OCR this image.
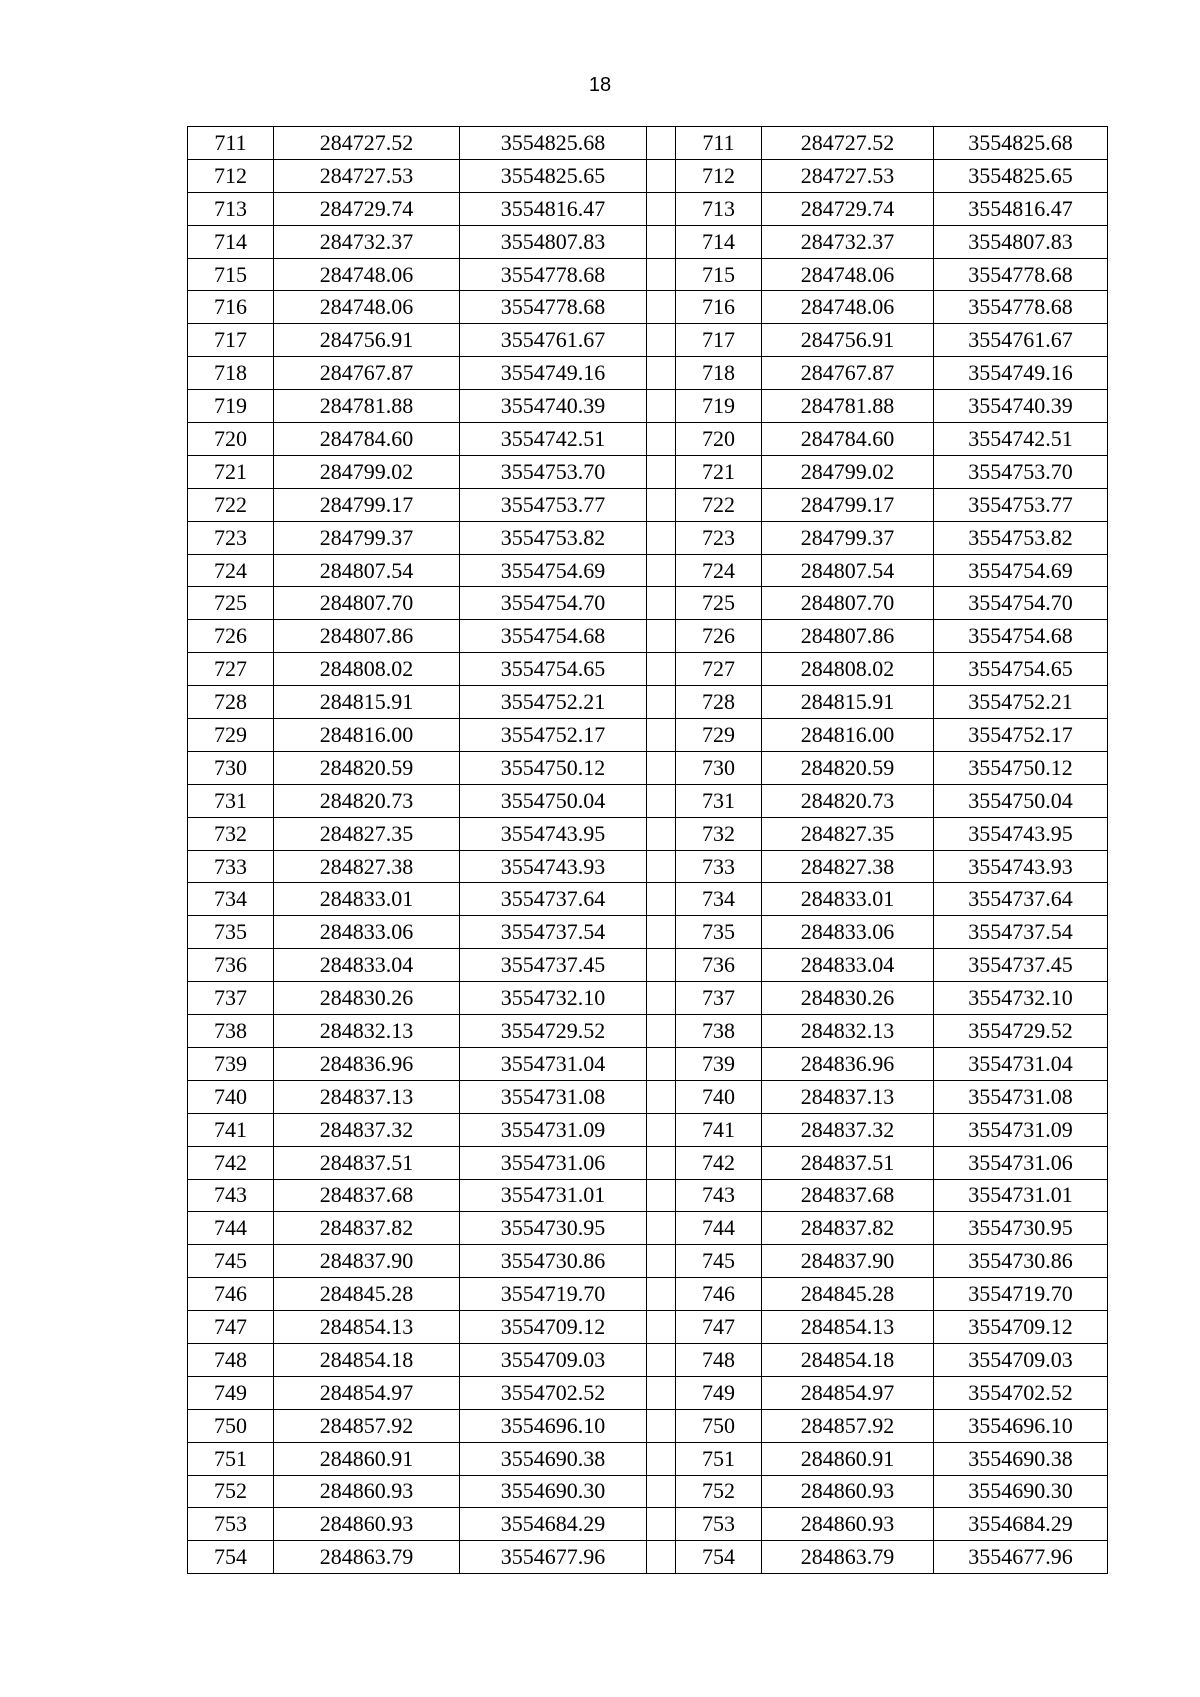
18
711	284727.52	3554825.68		711	284727.52	3554825.68
712	284727.53	3554825.65		712	284727.53	3554825.65
713	284729.74	3554816.47		713	284729.74	3554816.47
714	284732.37	3554807.83		714	284732.37	3554807.83
715	284748.06	3554778.68		715	284748.06	3554778.68
716	284748.06	3554778.68		716	284748.06	3554778.68
717	284756.91	3554761.67		717	284756.91	3554761.67
718	284767.87	3554749.16		718	284767.87	3554749.16
719	284781.88	3554740.39		719	284781.88	3554740.39
720	284784.60	3554742.51		720	284784.60	3554742.51
721	284799.02	3554753.70		721	284799.02	3554753.70
722	284799.17	3554753.77		722	284799.17	3554753.77
723	284799.37	3554753.82		723	284799.37	3554753.82
724	284807.54	3554754.69		724	284807.54	3554754.69
725	284807.70	3554754.70		725	284807.70	3554754.70
726	284807.86	3554754.68		726	284807.86	3554754.68
727	284808.02	3554754.65		727	284808.02	3554754.65
728	284815.91	3554752.21		728	284815.91	3554752.21
729	284816.00	3554752.17		729	284816.00	3554752.17
730	284820.59	3554750.12		730	284820.59	3554750.12
731	284820.73	3554750.04		731	284820.73	3554750.04
732	284827.35	3554743.95		732	284827.35	3554743.95
733	284827.38	3554743.93		733	284827.38	3554743.93
734	284833.01	3554737.64		734	284833.01	3554737.64
735	284833.06	3554737.54		735	284833.06	3554737.54
736	284833.04	3554737.45		736	284833.04	3554737.45
737	284830.26	3554732.10		737	284830.26	3554732.10
738	284832.13	3554729.52		738	284832.13	3554729.52
739	284836.96	3554731.04		739	284836.96	3554731.04
740	284837.13	3554731.08		740	284837.13	3554731.08
741	284837.32	3554731.09		741	284837.32	3554731.09
742	284837.51	3554731.06		742	284837.51	3554731.06
743	284837.68	3554731.01		743	284837.68	3554731.01
744	284837.82	3554730.95		744	284837.82	3554730.95
745	284837.90	3554730.86		745	284837.90	3554730.86
746	284845.28	3554719.70		746	284845.28	3554719.70
747	284854.13	3554709.12		747	284854.13	3554709.12
748	284854.18	3554709.03		748	284854.18	3554709.03
749	284854.97	3554702.52		749	284854.97	3554702.52
750	284857.92	3554696.10		750	284857.92	3554696.10
751	284860.91	3554690.38		751	284860.91	3554690.38
752	284860.93	3554690.30		752	284860.93	3554690.30
753	284860.93	3554684.29		753	284860.93	3554684.29
754	284863.79	3554677.96		754	284863.79	3554677.96
